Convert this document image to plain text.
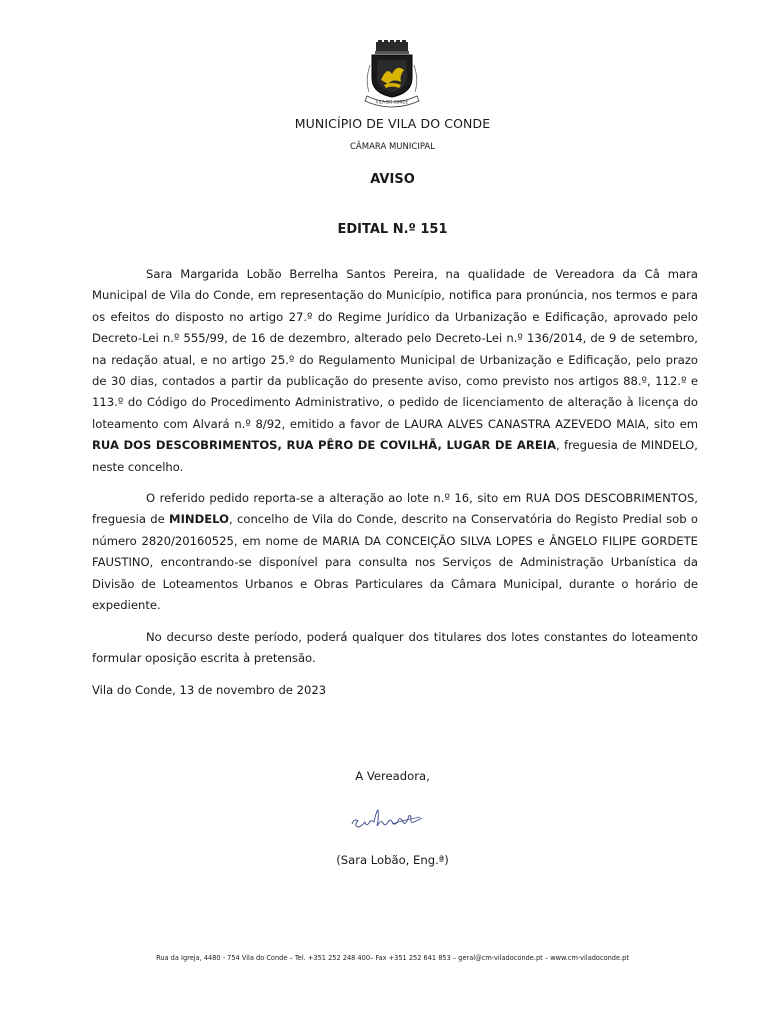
VILA DO CONDE
MUNICÍPIO DE VILA DO CONDE
CÂMARA MUNICIPAL
AVISO
EDITAL N.º 151

Sara Margarida Lobão Berrelha Santos Pereira, na qualidade de Vereadora da Câ mara Municipal de Vila do Conde, em representação do Município, notifica para pronúncia, nos termos e para os efeitos do disposto no artigo 27.º do Regime Jurídico da Urbanização e Edificação, aprovado pelo Decreto-Lei n.º 555/99, de 16 de dezembro, alterado pelo Decreto-Lei n.º 136/2014, de 9 de setembro, na redação atual, e no artigo 25.º do Regulamento Municipal de Urbanização e Edificação, pelo prazo de 30 dias, contados a partir da publicação do presente aviso, como previsto nos artigos 88.º, 112.º e 113.º do Código do Procedimento Administrativo, o pedido de licenciamento de alteração à licença do loteamento com Alvará n.º 8/92, emitido a favor de LAURA ALVES CANASTRA AZEVEDO MAIA, sito em RUA DOS DESCOBRIMENTOS, RUA PÊRO DE COVILHÃ, LUGAR DE AREIA, freguesia de MINDELO, neste concelho.

O referido pedido reporta-se a alteração ao lote n.º 16, sito em RUA DOS DESCOBRIMENTOS, freguesia de MINDELO, concelho de Vila do Conde, descrito na Conservatória do Registo Predial sob o número 2820/20160525, em nome de MARIA DA CONCEIÇÃO SILVA LOPES e ÂNGELO FILIPE GORDETE FAUSTINO, encontrando-se disponível para consulta nos Serviços de Administração Urbanística da Divisão de Loteamentos Urbanos e Obras Particulares da Câmara Municipal, durante o horário de expediente.

No decurso deste período, poderá qualquer dos titulares dos lotes constantes do loteamento formular oposição escrita à pretensão.

Vila do Conde, 13 de novembro de 2023
A Vereadora,
(Sara Lobão, Eng.ª)
Rua da Igreja, 4480 - 754 Vila do Conde – Tel. +351 252 248 400– Fax +351 252 641 853 – geral@cm-viladoconde.pt – www.cm-viladoconde.pt
